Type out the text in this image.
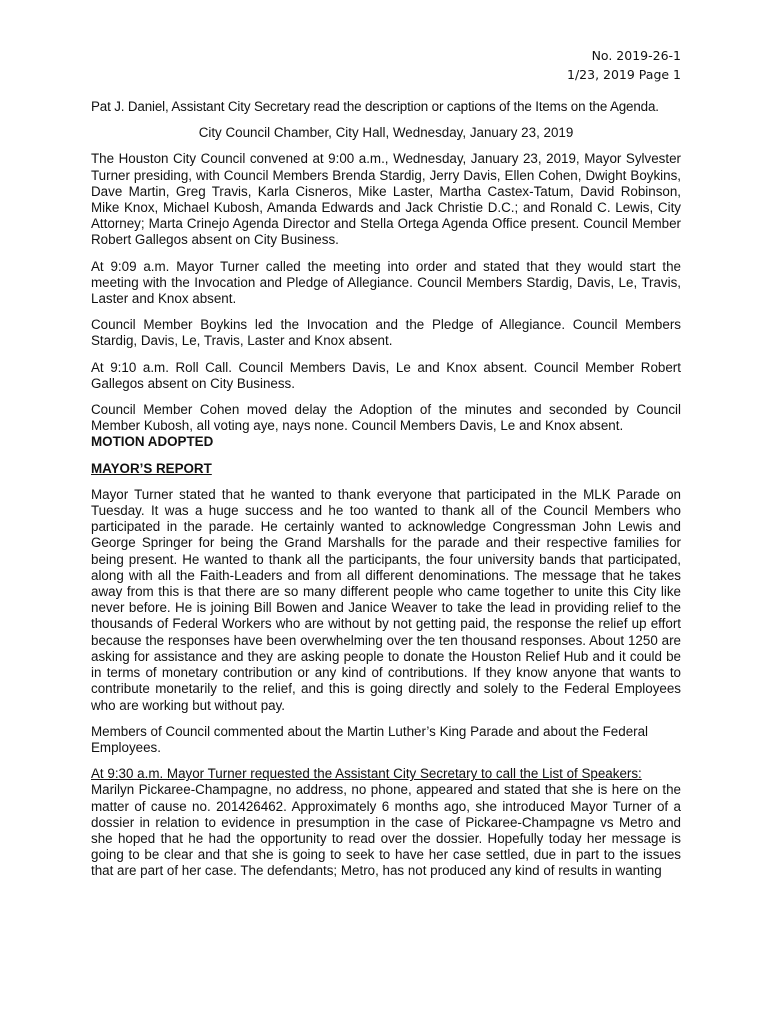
No. 2019-26-1
1/23, 2019 Page 1

Pat J. Daniel, Assistant City Secretary read the description or captions of the Items on the Agenda.

City Council Chamber, City Hall, Wednesday, January 23, 2019

The Houston City Council convened at 9:00 a.m., Wednesday, January 23, 2019, Mayor Sylvester Turner presiding, with Council Members Brenda Stardig, Jerry Davis, Ellen Cohen, Dwight Boykins, Dave Martin, Greg Travis, Karla Cisneros, Mike Laster, Martha Castex-Tatum, David Robinson, Mike Knox, Michael Kubosh, Amanda Edwards and Jack Christie D.C.; and Ronald C. Lewis, City Attorney; Marta Crinejo Agenda Director and Stella Ortega Agenda Office present. Council Member Robert Gallegos absent on City Business.

At 9:09 a.m. Mayor Turner called the meeting into order and stated that they would start the meeting with the Invocation and Pledge of Allegiance. Council Members Stardig, Davis, Le, Travis, Laster and Knox absent.

Council Member Boykins led the Invocation and the Pledge of Allegiance. Council Members Stardig, Davis, Le, Travis, Laster and Knox absent.

At 9:10 a.m. Roll Call. Council Members Davis, Le and Knox absent. Council Member Robert Gallegos absent on City Business.

Council Member Cohen moved delay the Adoption of the minutes and seconded by Council Member Kubosh, all voting aye, nays none. Council Members Davis, Le and Knox absent.
MOTION ADOPTED

MAYOR’S REPORT

Mayor Turner stated that he wanted to thank everyone that participated in the MLK Parade on Tuesday. It was a huge success and he too wanted to thank all of the Council Members who participated in the parade. He certainly wanted to acknowledge Congressman John Lewis and George Springer for being the Grand Marshalls for the parade and their respective families for being present. He wanted to thank all the participants, the four university bands that participated, along with all the Faith-Leaders and from all different denominations. The message that he takes away from this is that there are so many different people who came together to unite this City like never before. He is joining Bill Bowen and Janice Weaver to take the lead in providing relief to the thousands of Federal Workers who are without by not getting paid, the response the relief up effort because the responses have been overwhelming over the ten thousand responses. About 1250 are asking for assistance and they are asking people to donate the Houston Relief Hub and it could be in terms of monetary contribution or any kind of contributions. If they know anyone that wants to contribute monetarily to the relief, and this is going directly and solely to the Federal Employees who are working but without pay.

Members of Council commented about the Martin Luther’s King Parade and about the Federal Employees.

At 9:30 a.m. Mayor Turner requested the Assistant City Secretary to call the List of Speakers:
Marilyn Pickaree-Champagne, no address, no phone, appeared and stated that she is here on the matter of cause no. 201426462. Approximately 6 months ago, she introduced Mayor Turner of a dossier in relation to evidence in presumption in the case of Pickaree-Champagne vs Metro and she hoped that he had the opportunity to read over the dossier. Hopefully today her message is going to be clear and that she is going to seek to have her case settled, due in part to the issues that are part of her case. The defendants; Metro, has not produced any kind of results in wanting
